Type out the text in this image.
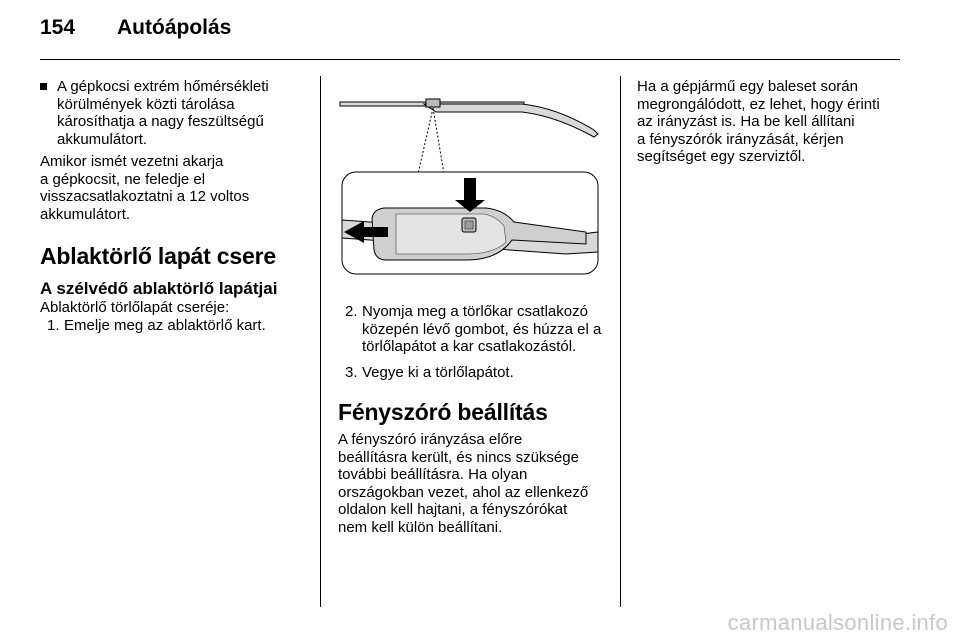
154 Autóápolás

A gépkocsi extrém hőmérsékleti körülmények közti tárolása károsíthatja a nagy feszültségű akkumulátort.

Amikor ismét vezetni akarja

a gépkocsit, ne feledje el

visszacsatlakoztatni a 12 voltos

akkumulátort.

Ablaktörlő lapát csere

A szélvédő ablaktörlő lapátjai

Ablaktörlő törlőlapát cseréje:

1. Emelje meg az ablaktörlő kart.

2. Nyomja meg a törlőkar csatlakozó közepén lévő gombot, és húzza el a törlőlapátot a kar csatlakozástól.

3. Vegye ki a törlőlapátot.

Fényszóró beállítás

A fényszóró irányzása előre

beállításra került, és nincs szüksége

további beállításra. Ha olyan

országokban vezet, ahol az ellenkező

oldalon kell hajtani, a fényszórókat

nem kell külön beállítani.

Ha a gépjármű egy baleset során

megrongálódott, ez lehet, hogy érinti

az irányzást is. Ha be kell állítani

a fényszórók irányzását, kérjen

segítséget egy szerviztől.

carmanualsonline.info
